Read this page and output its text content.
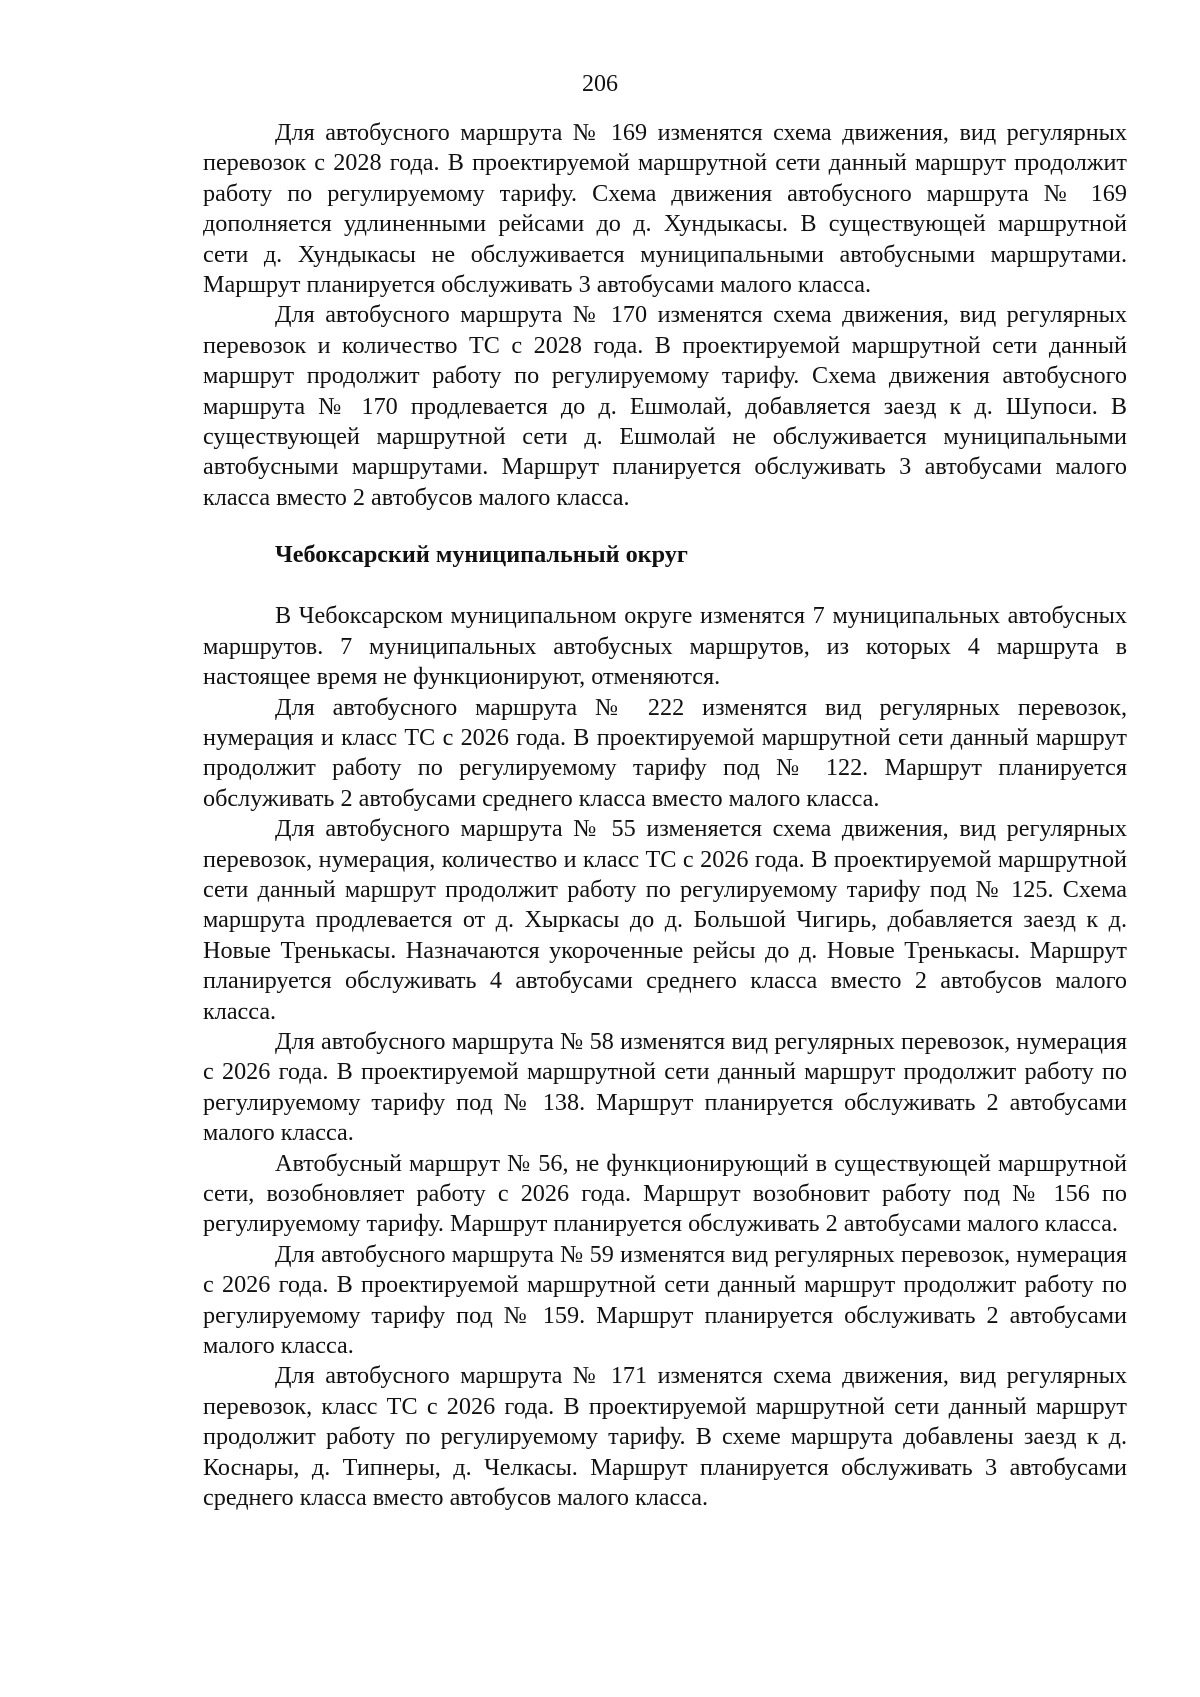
206

Для автобусного маршрута № 169 изменятся схема движения, вид регулярных перевозок с 2028 года. В проектируемой маршрутной сети данный маршрут продолжит работу по регулируемому тарифу. Схема движения автобусного маршрута № 169 дополняется удлиненными рейсами до д. Хундыкасы. В существующей маршрутной сети д. Хундыкасы не обслуживается муниципальными автобусными маршрутами. Маршрут планируется обслуживать 3 автобусами малого класса.

Для автобусного маршрута № 170 изменятся схема движения, вид регулярных перевозок и количество ТС с 2028 года. В проектируемой маршрутной сети данный маршрут продолжит работу по регулируемому тарифу. Схема движения автобусного маршрута № 170 продлевается до д. Ешмолай, добавляется заезд к д. Шупоси. В существующей маршрутной сети д. Ешмолай не обслуживается муниципальными автобусными маршрутами. Маршрут планируется обслуживать 3 автобусами малого класса вместо 2 автобусов малого класса.

Чебоксарский муниципальный округ

В Чебоксарском муниципальном округе изменятся 7 муниципальных автобусных маршрутов. 7 муниципальных автобусных маршрутов, из которых 4 маршрута в настоящее время не функционируют, отменяются.

Для автобусного маршрута № 222 изменятся вид регулярных перевозок, нумерация и класс ТС с 2026 года. В проектируемой маршрутной сети данный маршрут продолжит работу по регулируемому тарифу под № 122. Маршрут планируется обслуживать 2 автобусами среднего класса вместо малого класса.

Для автобусного маршрута № 55 изменяется схема движения, вид регулярных перевозок, нумерация, количество и класс ТС с 2026 года. В проектируемой маршрутной сети данный маршрут продолжит работу по регулируемому тарифу под № 125. Схема маршрута продлевается от д. Хыркасы до д. Большой Чигирь, добавляется заезд к д. Новые Тренькасы. Назначаются укороченные рейсы до д. Новые Тренькасы. Маршрут планируется обслуживать 4 автобусами среднего класса вместо 2 автобусов малого класса.

Для автобусного маршрута № 58 изменятся вид регулярных перевозок, нумерация с 2026 года. В проектируемой маршрутной сети данный маршрут продолжит работу по регулируемому тарифу под № 138. Маршрут планируется обслуживать 2 автобусами малого класса.

Автобусный маршрут № 56, не функционирующий в существующей маршрутной сети, возобновляет работу с 2026 года. Маршрут возобновит работу под № 156 по регулируемому тарифу. Маршрут планируется обслуживать 2 автобусами малого класса.

Для автобусного маршрута № 59 изменятся вид регулярных перевозок, нумерация с 2026 года. В проектируемой маршрутной сети данный маршрут продолжит работу по регулируемому тарифу под № 159. Маршрут планируется обслуживать 2 автобусами малого класса.

Для автобусного маршрута № 171 изменятся схема движения, вид регулярных перевозок, класс ТС с 2026 года. В проектируемой маршрутной сети данный маршрут продолжит работу по регулируемому тарифу. В схеме маршрута добавлены заезд к д. Коснары, д. Типнеры, д. Челкасы. Маршрут планируется обслуживать 3 автобусами среднего класса вместо автобусов малого класса.
